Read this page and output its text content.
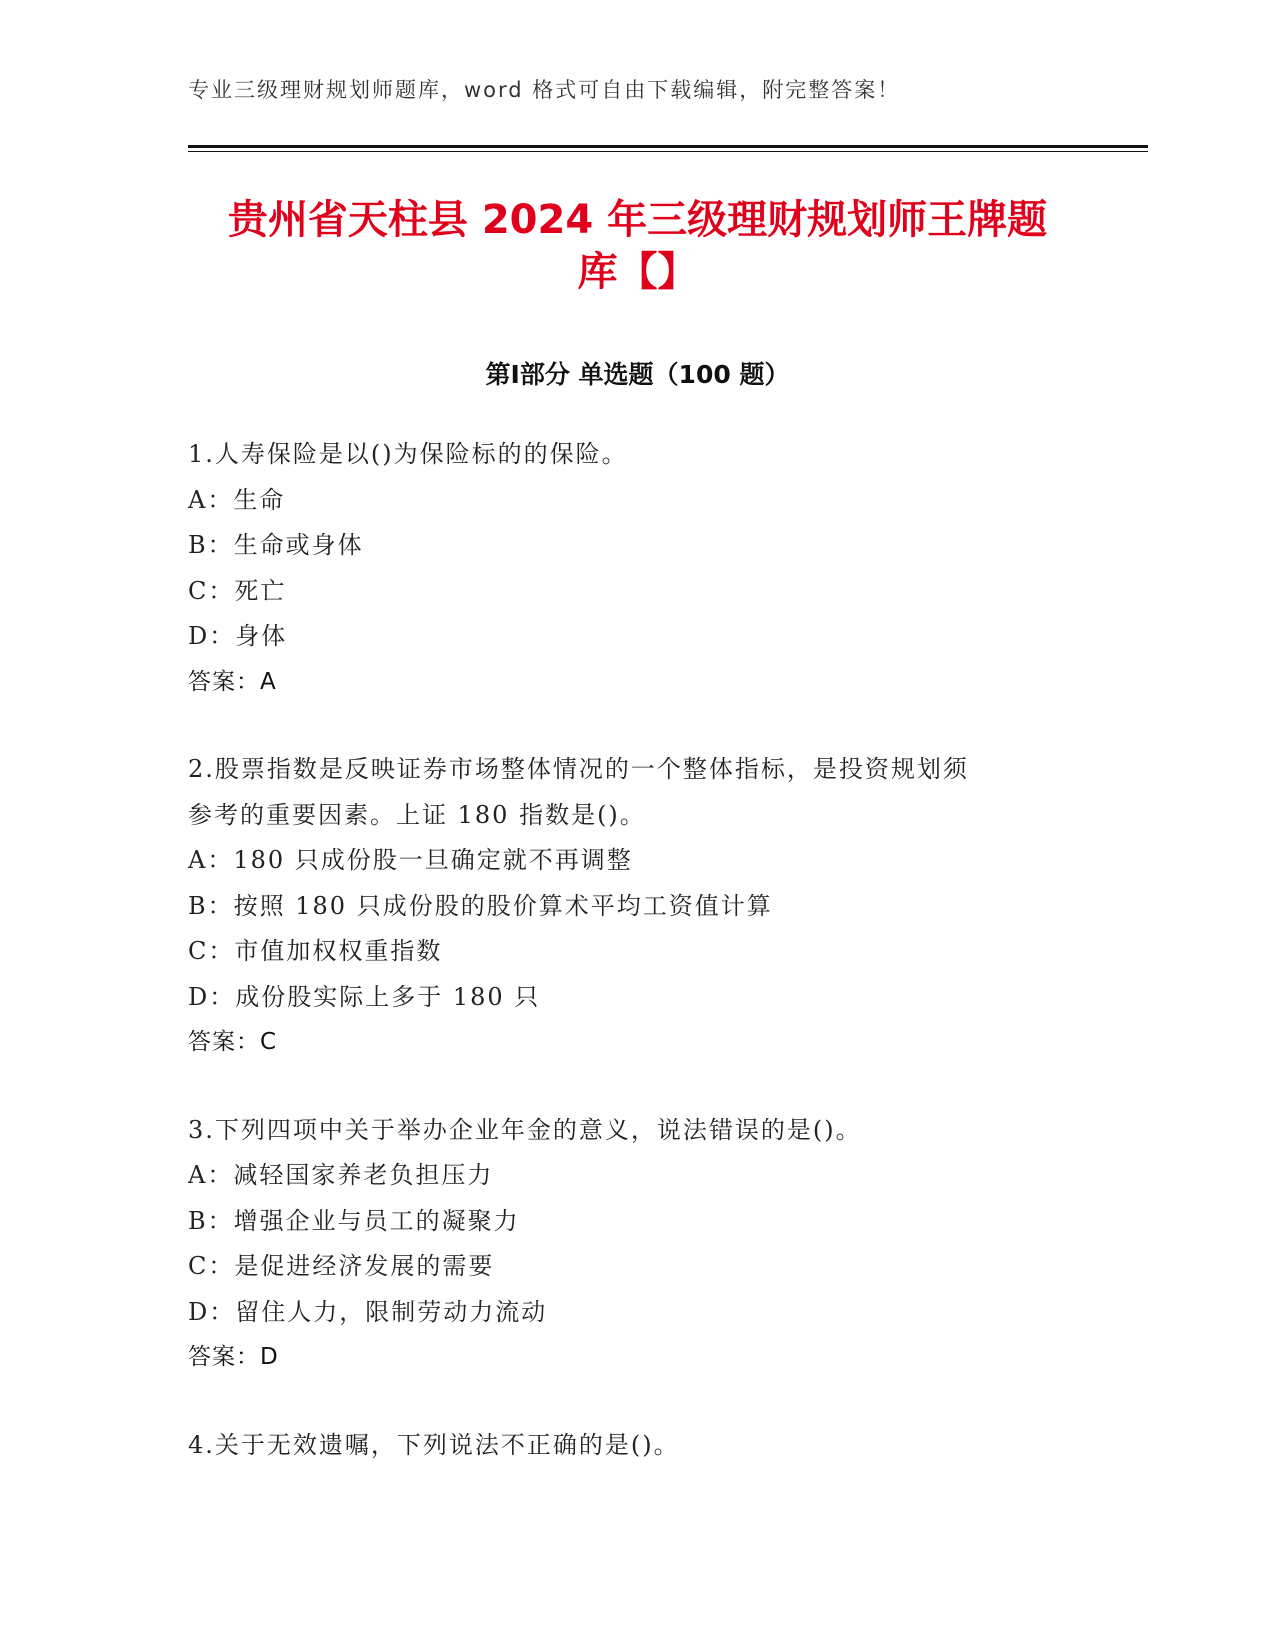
专业三级理财规划师题库，word 格式可自由下载编辑，附完整答案！
贵州省天柱县 2024 年三级理财规划师王牌题
库【】
第Ⅰ部分 单选题（100 题）
1.人寿保险是以()为保险标的的保险。
A：生命
B：生命或身体
C：死亡
D：身体
答案：A
2.股票指数是反映证券市场整体情况的一个整体指标，是投资规划须
参考的重要因素。上证 180 指数是()。
A：180 只成份股一旦确定就不再调整
B：按照 180 只成份股的股价算术平均工资值计算
C：市值加权权重指数
D：成份股实际上多于 180 只
答案：C
3.下列四项中关于举办企业年金的意义，说法错误的是()。
A：减轻国家养老负担压力
B：增强企业与员工的凝聚力
C：是促进经济发展的需要
D：留住人力，限制劳动力流动
答案：D
4.关于无效遗嘱，下列说法不正确的是()。
